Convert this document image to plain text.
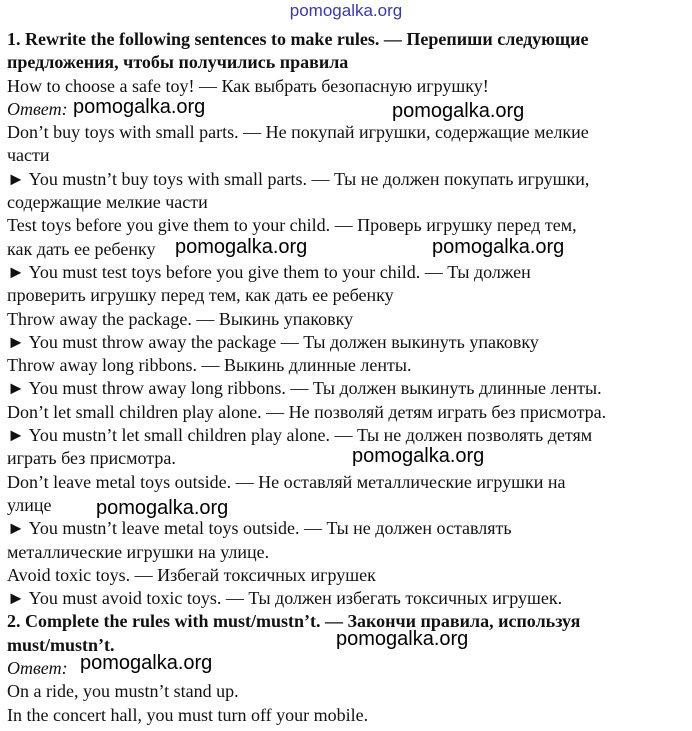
pomogalka.org
1. Rewrite the following sentences to make rules. — Перепиши следующие
предложения, чтобы получились правила
How to choose a safe toy! — Как выбрать безопасную игрушку!
Ответ:
Don’t buy toys with small parts. — Не покупай игрушки, содержащие мелкие
части
► You mustn’t buy toys with small parts. — Ты не должен покупать игрушки,
содержащие мелкие части
Test toys before you give them to your child. — Проверь игрушку перед тем,
как дать ее ребенку
► You must test toys before you give them to your child. — Ты должен
проверить игрушку перед тем, как дать ее ребенку
Throw away the package. — Выкинь упаковку
► You must throw away the package — Ты должен выкинуть упаковку
Throw away long ribbons. — Выкинь длинные ленты.
► You must throw away long ribbons. — Ты должен выкинуть длинные ленты.
Don’t let small children play alone. — Не позволяй детям играть без присмотра.
► You mustn’t let small children play alone. — Ты не должен позволять детям
играть без присмотра.
Don’t leave metal toys outside. — Не оставляй металлические игрушки на
улице
► You mustn’t leave metal toys outside. — Ты не должен оставлять
металлические игрушки на улице.
Avoid toxic toys. — Избегай токсичных игрушек
► You must avoid toxic toys. — Ты должен избегать токсичных игрушек.
2. Complete the rules with must/mustn’t. — Закончи правила, используя
must/mustn’t.
Ответ:
On a ride, you mustn’t stand up.
In the concert hall, you must turn off your mobile.
pomogalka.org	pomogalka.org
pomogalka.org	pomogalka.org
pomogalka.org
pomogalka.org
pomogalka.org
pomogalka.org
